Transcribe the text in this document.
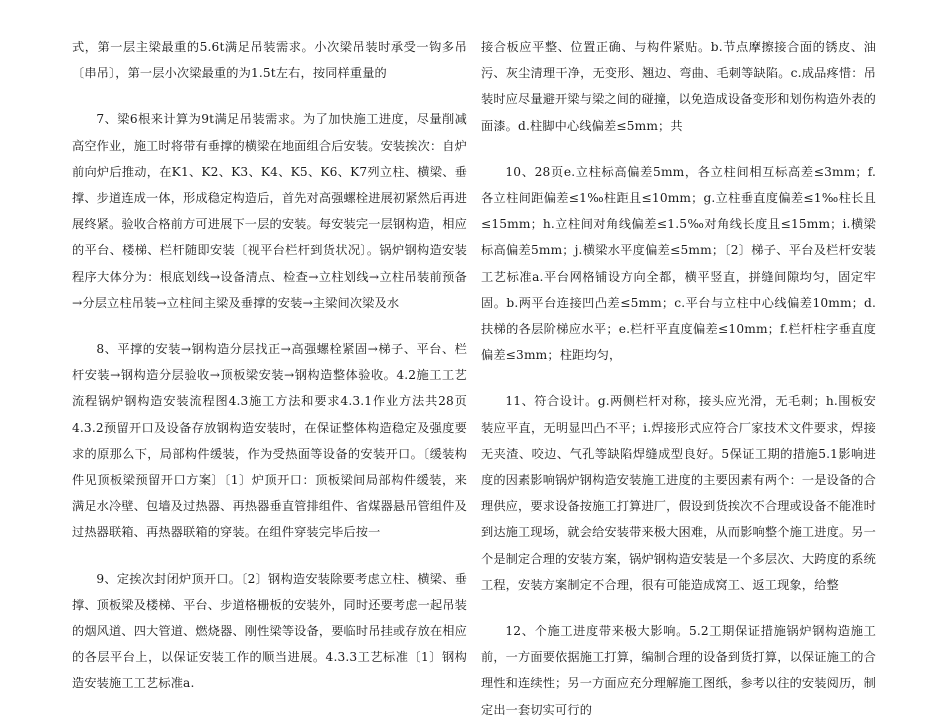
式，第一层主梁最重的5.6t满足吊装需求。小次梁吊装时承受一钩多吊〔串吊〕，第一层小次梁最重的为1.5t左右，按同样重量的

7、梁6根来计算为9t满足吊装需求。为了加快施工进度，尽量削减高空作业，施工时将带有垂撑的横梁在地面组合后安装。安装挨次：自炉前向炉后推动，在K1、K2、K3、K4、K5、K6、K7列立柱、横梁、垂撑、步道连成一体，形成稳定构造后，首先对高强螺栓进展初紧然后再进展终紧。验收合格前方可进展下一层的安装。每安装完一层钢构造，相应的平台、楼梯、栏杆随即安装〔视平台栏杆到货状况〕。锅炉钢构造安装程序大体分为：根底划线→设备清点、检查→立柱划线→立柱吊装前预备→分层立柱吊装→立柱间主梁及垂撑的安装→主梁间次梁及水

8、平撑的安装→钢构造分层找正→高强螺栓紧固→梯子、平台、栏杆安装→钢构造分层验收→顶板梁安装→钢构造整体验收。4.2施工工艺流程锅炉钢构造安装流程图4.3施工方法和要求4.3.1作业方法共28页4.3.2预留开口及设备存放钢构造安装时，在保证整体构造稳定及强度要求的原那么下，局部构件缓装，作为受热面等设备的安装开口。〔缓装构件见顶板梁预留开口方案〕〔1〕炉顶开口：顶板梁间局部构件缓装，来满足水冷壁、包墙及过热器、再热器垂直管排组件、省煤器悬吊管组件及过热器联箱、再热器联箱的穿装。在组件穿装完毕后按一

9、定挨次封闭炉顶开口。〔2〕钢构造安装除要考虑立柱、横梁、垂撑、顶板梁及楼梯、平台、步道格栅板的安装外，同时还要考虑一起吊装的烟风道、四大管道、燃烧器、刚性梁等设备，要临时吊挂或存放在相应的各层平台上，以保证安装工作的顺当进展。4.3.3工艺标准〔1〕钢构造安装施工工艺标准a.

接合板应平整、位置正确、与构件紧贴。b.节点摩擦接合面的锈皮、油污、灰尘清理干净，无变形、翘边、弯曲、毛刺等缺陷。c.成品疼惜：吊装时应尽量避开梁与梁之间的碰撞，以免造成设备变形和划伤构造外表的面漆。d.柱脚中心线偏差≤5mm；共

10、28页e.立柱标高偏差5mm，各立柱间相互标高差≤3mm；f.各立柱间距偏差≤1‰柱距且≤10mm；g.立柱垂直度偏差≤1‰柱长且≤15mm；h.立柱间对角线偏差≤1.5‰对角线长度且≤15mm；i.横梁标高偏差5mm；j.横梁水平度偏差≤5mm；〔2〕梯子、平台及栏杆安装工艺标准a.平台网格铺设方向全都，横平竖直，拼缝间隙均匀，固定牢固。b.两平台连接凹凸差≤5mm；c.平台与立柱中心线偏差10mm；d.扶梯的各层阶梯应水平；e.栏杆平直度偏差≤10mm；f.栏杆柱字垂直度偏差≤3mm；柱距均匀，

11、符合设计。g.两侧栏杆对称，接头应光滑，无毛刺；h.围板安装应平直，无明显凹凸不平；i.焊接形式应符合厂家技术文件要求，焊接无夹渣、咬边、气孔等缺陷焊缝成型良好。5保证工期的措施5.1影响进度的因素影响锅炉钢构造安装施工进度的主要因素有两个：一是设备的合理供应，要求设备按施工打算进厂，假设到货挨次不合理或设备不能准时到达施工现场，就会给安装带来极大困难，从而影响整个施工进度。另一个是制定合理的安装方案，锅炉钢构造安装是一个多层次、大跨度的系统工程，安装方案制定不合理，很有可能造成窝工、返工现象，给整

12、个施工进度带来极大影响。5.2工期保证措施锅炉钢构造施工前，一方面要依据施工打算，编制合理的设备到货打算，以保证施工的合理性和连续性；另一方面应充分理解施工图纸，参考以往的安装阅历，制定出一套切实可行的
